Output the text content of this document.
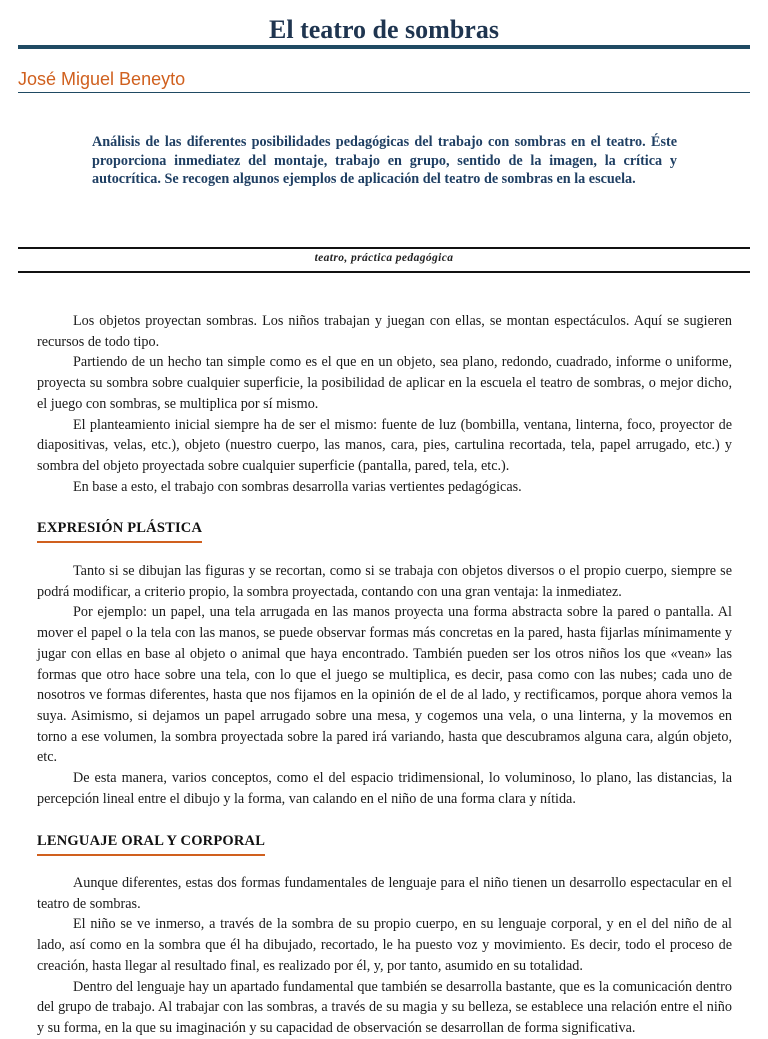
El teatro de sombras
José Miguel Beneyto

Análisis de las diferentes posibilidades pedagógicas del trabajo con sombras en el teatro. Éste proporciona inmediatez del montaje, trabajo en grupo, sentido de la imagen, la crítica y autocrítica. Se recogen algunos ejemplos de aplicación del teatro de sombras en la escuela.

teatro, práctica pedagógica

Los objetos proyectan sombras. Los niños trabajan y juegan con ellas, se montan espectáculos. Aquí se sugieren recursos de todo tipo.

Partiendo de un hecho tan simple como es el que en un objeto, sea plano, redondo, cuadrado, informe o uniforme, proyecta su sombra sobre cualquier superficie, la posibilidad de aplicar en la escuela el teatro de sombras, o mejor dicho, el juego con sombras, se multiplica por sí mismo.

El planteamiento inicial siempre ha de ser el mismo: fuente de luz (bombilla, ventana, linterna, foco, proyector de diapositivas, velas, etc.), objeto (nuestro cuerpo, las manos, cara, pies, cartulina recortada, tela, papel arrugado, etc.) y sombra del objeto proyectada sobre cualquier superficie (pantalla, pared, tela, etc.).

En base a esto, el trabajo con sombras desarrolla varias vertientes pedagógicas.

EXPRESIÓN PLÁSTICA

Tanto si se dibujan las figuras y se recortan, como si se trabaja con objetos diversos o el propio cuerpo, siempre se podrá modificar, a criterio propio, la sombra proyectada, contando con una gran ventaja: la inmediatez.

Por ejemplo: un papel, una tela arrugada en las manos proyecta una forma abstracta sobre la pared o pantalla. Al mover el papel o la tela con las manos, se puede observar formas más concretas en la pared, hasta fijarlas mínimamente y jugar con ellas en base al objeto o animal que haya encontrado. También pueden ser los otros niños los que «vean» las formas que otro hace sobre una tela, con lo que el juego se multiplica, es decir, pasa como con las nubes; cada uno de nosotros ve formas diferentes, hasta que nos fijamos en la opinión de el de al lado, y rectificamos, porque ahora vemos la suya. Asimismo, si dejamos un papel arrugado sobre una mesa, y cogemos una vela, o una linterna, y la movemos en torno a ese volumen, la sombra proyectada sobre la pared irá variando, hasta que descubramos alguna cara, algún objeto, etc.

De esta manera, varios conceptos, como el del espacio tridimensional, lo voluminoso, lo plano, las distancias, la percepción lineal entre el dibujo y la forma, van calando en el niño de una forma clara y nítida.

LENGUAJE ORAL Y CORPORAL

Aunque diferentes, estas dos formas fundamentales de lenguaje para el niño tienen un desarrollo espectacular en el teatro de sombras.

El niño se ve inmerso, a través de la sombra de su propio cuerpo, en su lenguaje corporal, y en el del niño de al lado, así como en la sombra que él ha dibujado, recortado, le ha puesto voz y movimiento. Es decir, todo el proceso de creación, hasta llegar al resultado final, es realizado por él, y, por tanto, asumido en su totalidad.

Dentro del lenguaje hay un apartado fundamental que también se desarrolla bastante, que es la comunicación dentro del grupo de trabajo. Al trabajar con las sombras, a través de su magia y su belleza, se establece una relación entre el niño y su forma, en la que su imaginación y su capacidad de observación se desarrollan de forma significativa.
